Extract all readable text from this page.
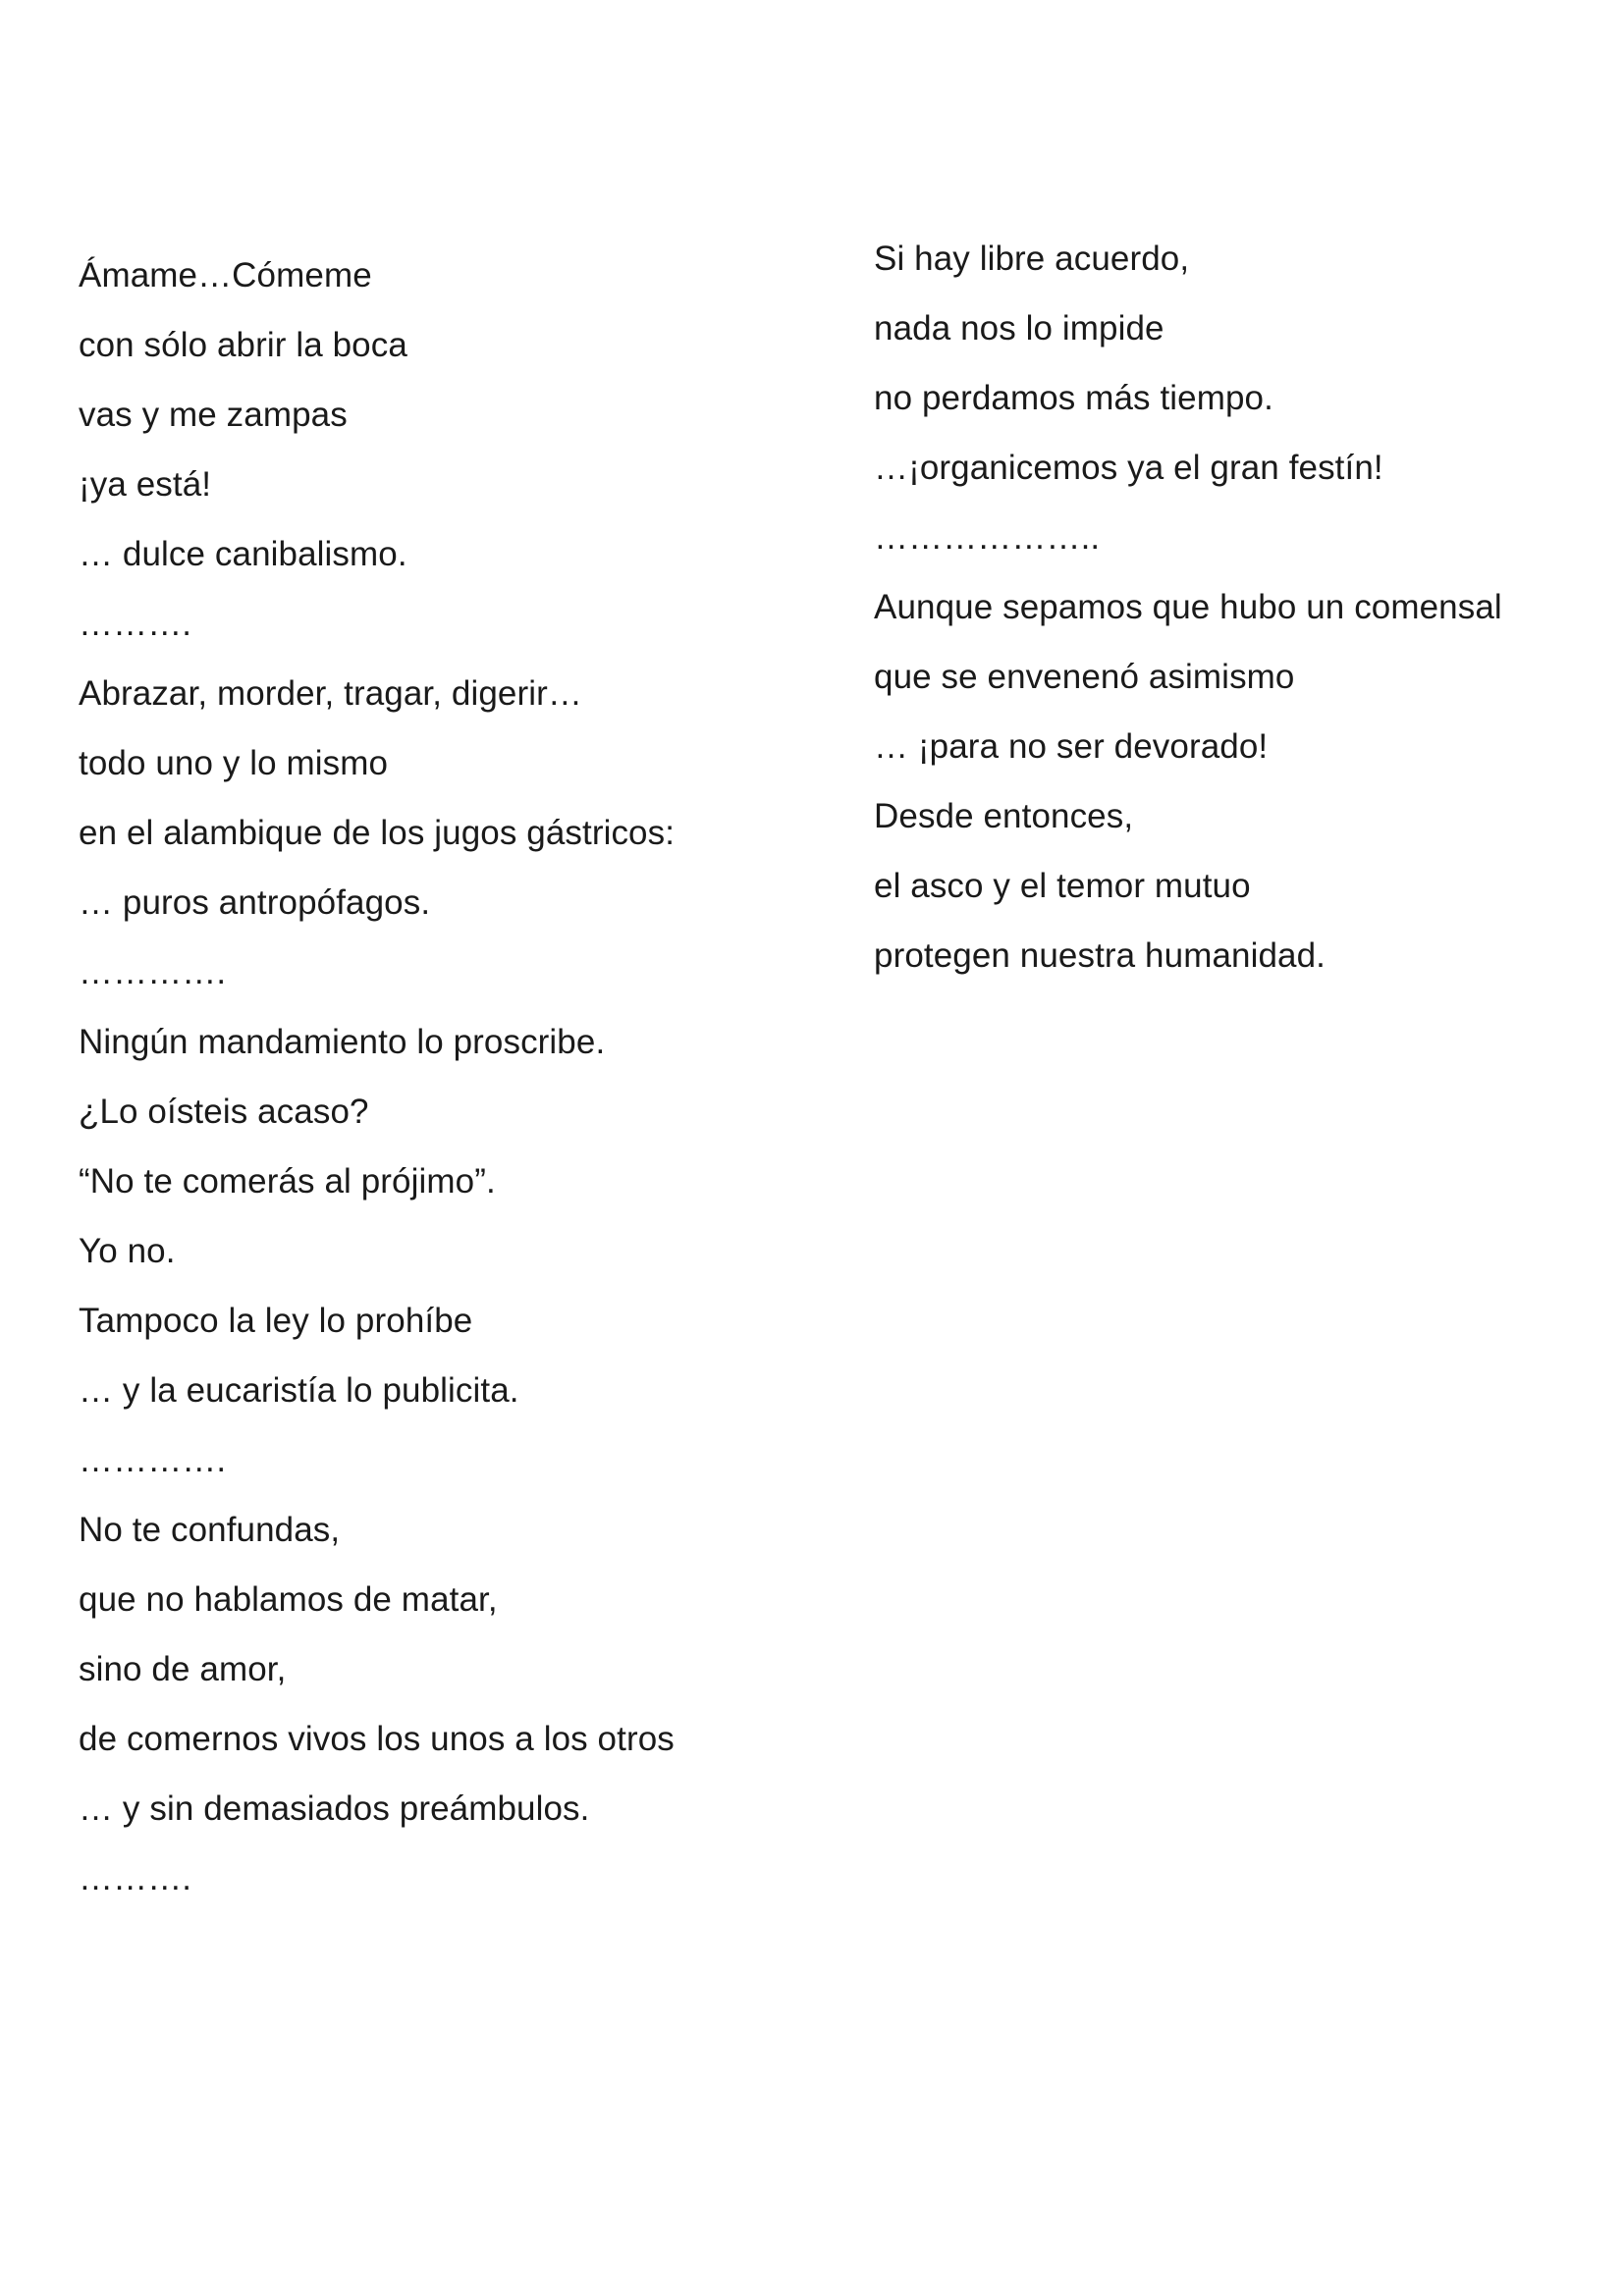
Ámame…Cómeme
con sólo abrir la boca
vas y me zampas
¡ya está!
… dulce canibalismo.
……….
Abrazar, morder, tragar, digerir…
todo uno y lo mismo
en el alambique de los jugos gástricos:
… puros antropófagos.
………….
Ningún mandamiento lo proscribe.
¿Lo oísteis acaso?
“No te comerás al prójimo”.
Yo no.
Tampoco la ley lo prohíbe
… y la eucaristía lo publicita.
………….
No te confundas,
que no hablamos de matar,
sino de amor,
de comernos vivos los unos a los otros
… y sin demasiados preámbulos.
……….
Si hay libre acuerdo,
nada nos lo impide
no perdamos más tiempo.
…¡organicemos ya el gran festín!
………………..
Aunque sepamos que hubo un comensal
que se envenenó asimismo
… ¡para no ser devorado!
Desde entonces,
el asco y el temor mutuo
protegen nuestra humanidad.
